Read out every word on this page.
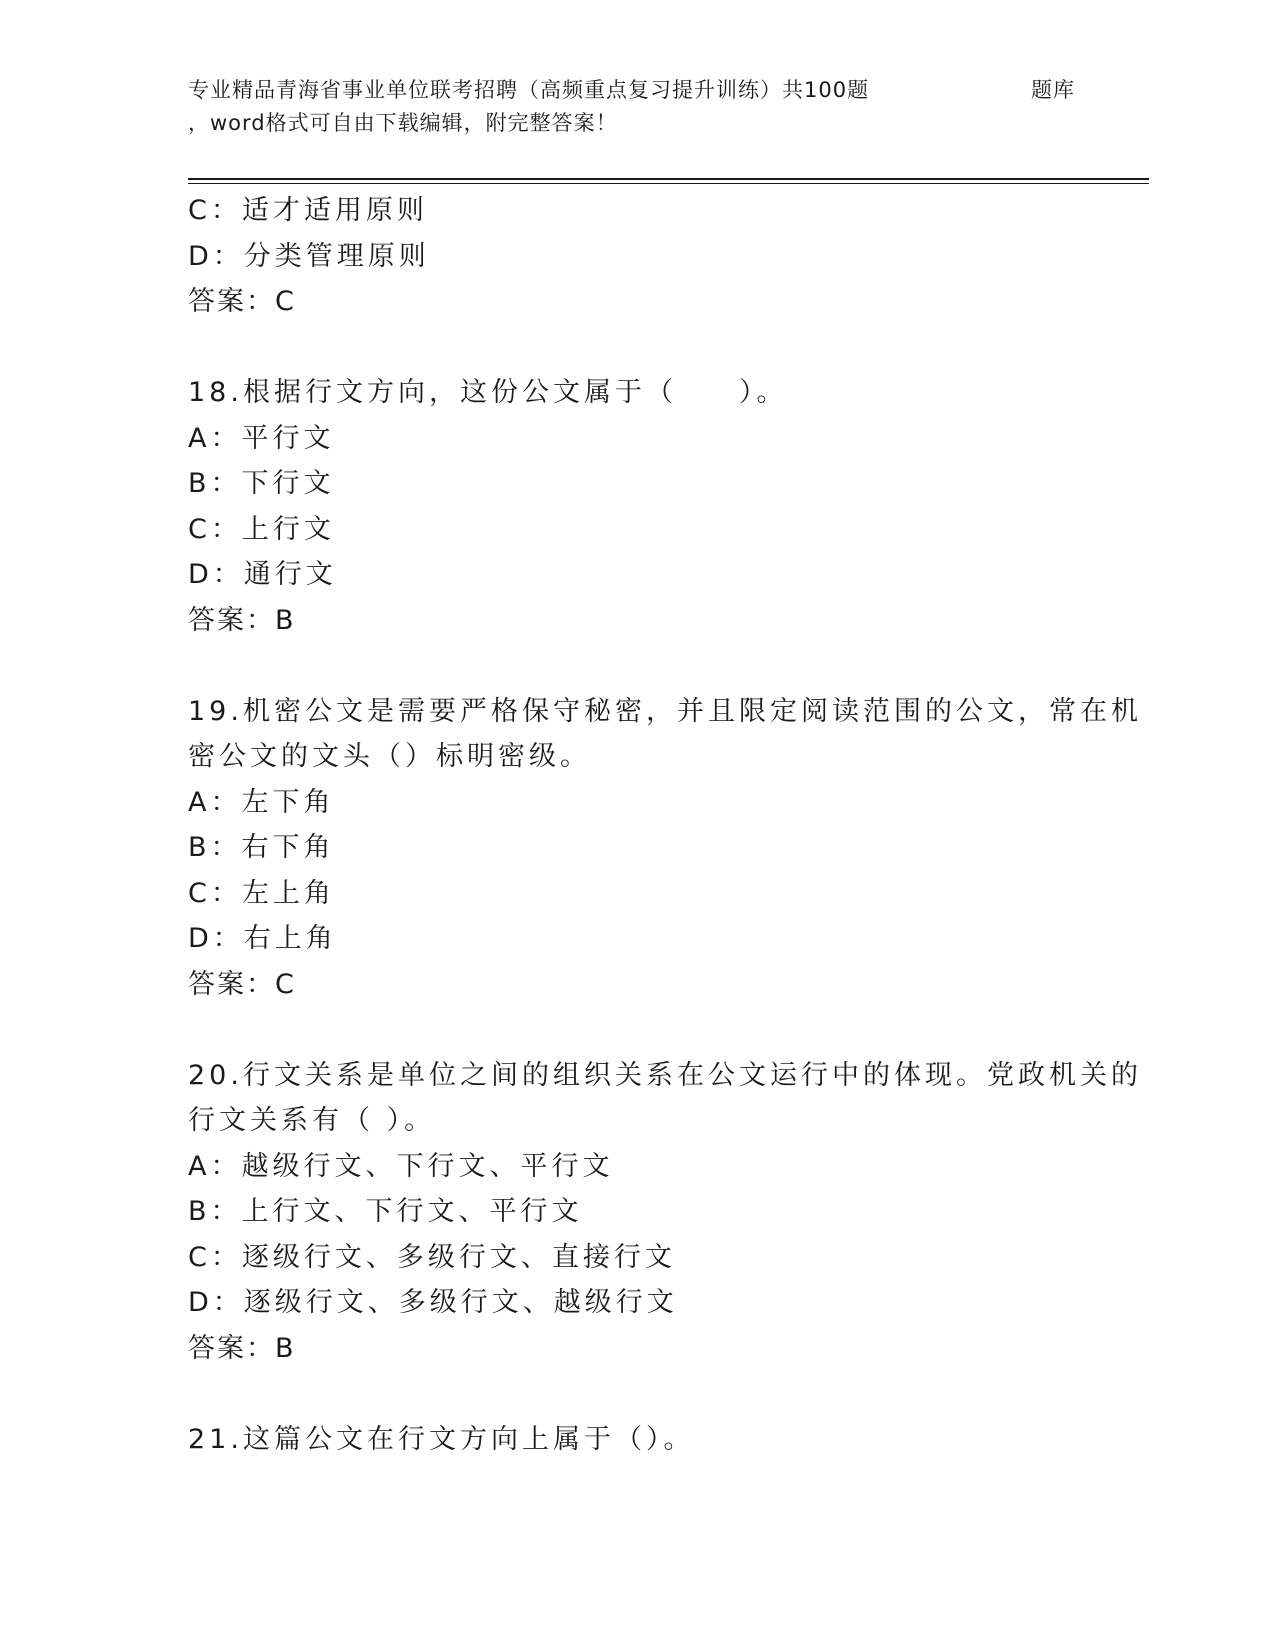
专业精品青海省事业单位联考招聘（高频重点复习提升训练）共100题	题库
，word格式可自由下载编辑，附完整答案！
C：适才适用原则
D：分类管理原则
答案：C
18.根据行文方向，这份公文属于（　　）。
A：平行文
B：下行文
C：上行文
D：通行文
答案：B
19.机密公文是需要严格保守秘密，并且限定阅读范围的公文，常在机
密公文的文头（）标明密级。
A：左下角
B：右下角
C：左上角
D：右上角
答案：C
20.行文关系是单位之间的组织关系在公文运行中的体现。党政机关的
行文关系有（ ）。
A：越级行文、下行文、平行文
B：上行文、下行文、平行文
C：逐级行文、多级行文、直接行文
D：逐级行文、多级行文、越级行文
答案：B
21.这篇公文在行文方向上属于（）。
